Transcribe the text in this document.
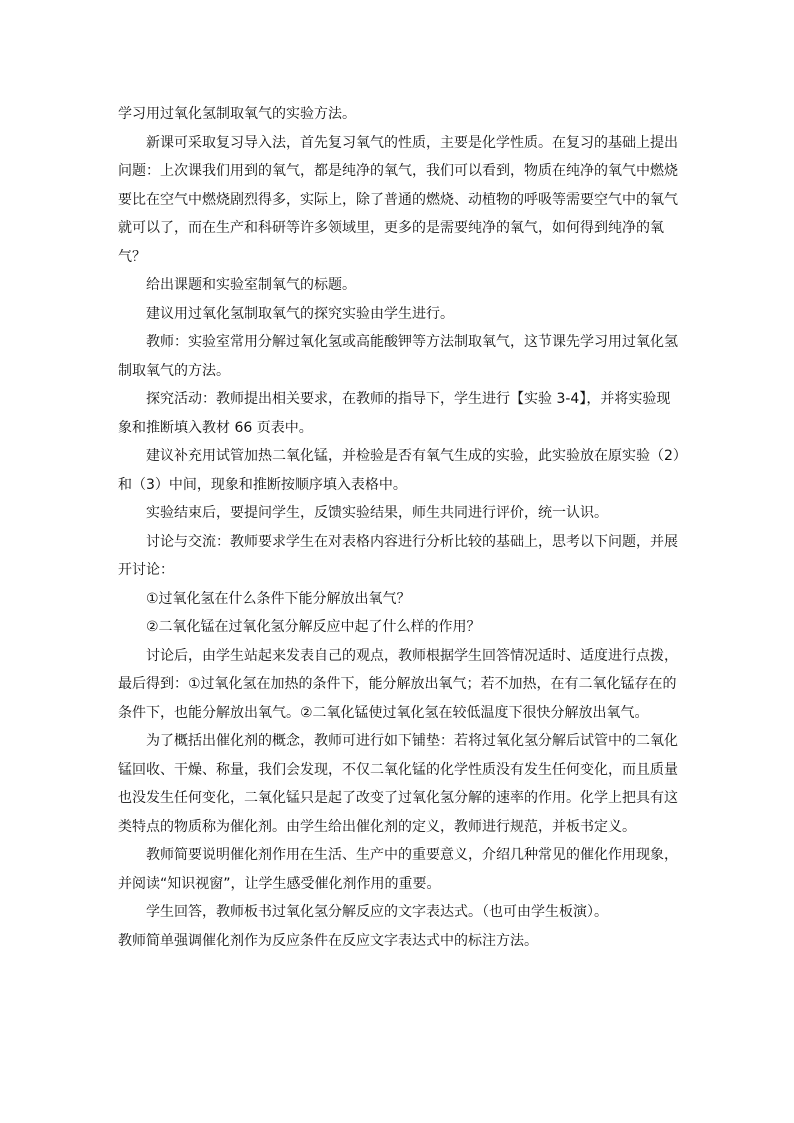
学习用过氧化氢制取氧气的实验方法。

新课可采取复习导入法，首先复习氧气的性质，主要是化学性质。在复习的基础上提出问题：上次课我们用到的氧气，都是纯净的氧气，我们可以看到，物质在纯净的氧气中燃烧要比在空气中燃烧剧烈得多，实际上，除了普通的燃烧、动植物的呼吸等需要空气中的氧气就可以了，而在生产和科研等许多领域里，更多的是需要纯净的氧气，如何得到纯净的氧气？

给出课题和实验室制氧气的标题。

建议用过氧化氢制取氧气的探究实验由学生进行。

教师：实验室常用分解过氧化氢或高能酸钾等方法制取氧气，这节课先学习用过氧化氢制取氧气的方法。

探究活动：教师提出相关要求，在教师的指导下，学生进行【实验 3-4】，并将实验现象和推断填入教材 66 页表中。

建议补充用试管加热二氧化锰，并检验是否有氧气生成的实验，此实验放在原实验（2）和（3）中间，现象和推断按顺序填入表格中。

实验结束后，要提问学生，反馈实验结果，师生共同进行评价，统一认识。

讨论与交流：教师要求学生在对表格内容进行分析比较的基础上，思考以下问题，并展开讨论：

①过氧化氢在什么条件下能分解放出氧气？

②二氧化锰在过氧化氢分解反应中起了什么样的作用？

讨论后，由学生站起来发表自己的观点，教师根据学生回答情况适时、适度进行点拨，最后得到：①过氧化氢在加热的条件下，能分解放出氧气；若不加热，在有二氧化锰存在的条件下，也能分解放出氧气。②二氧化锰使过氧化氢在较低温度下很快分解放出氧气。

为了概括出催化剂的概念，教师可进行如下铺垫：若将过氧化氢分解后试管中的二氧化锰回收、干燥、称量，我们会发现，不仅二氧化锰的化学性质没有发生任何变化，而且质量也没发生任何变化，二氧化锰只是起了改变了过氧化氢分解的速率的作用。化学上把具有这类特点的物质称为催化剂。由学生给出催化剂的定义，教师进行规范，并板书定义。

教师简要说明催化剂作用在生活、生产中的重要意义，介绍几种常见的催化作用现象，并阅读“知识视窗”，让学生感受催化剂作用的重要。

学生回答，教师板书过氧化氢分解反应的文字表达式。（也可由学生板演）。

教师简单强调催化剂作为反应条件在反应文字表达式中的标注方法。
